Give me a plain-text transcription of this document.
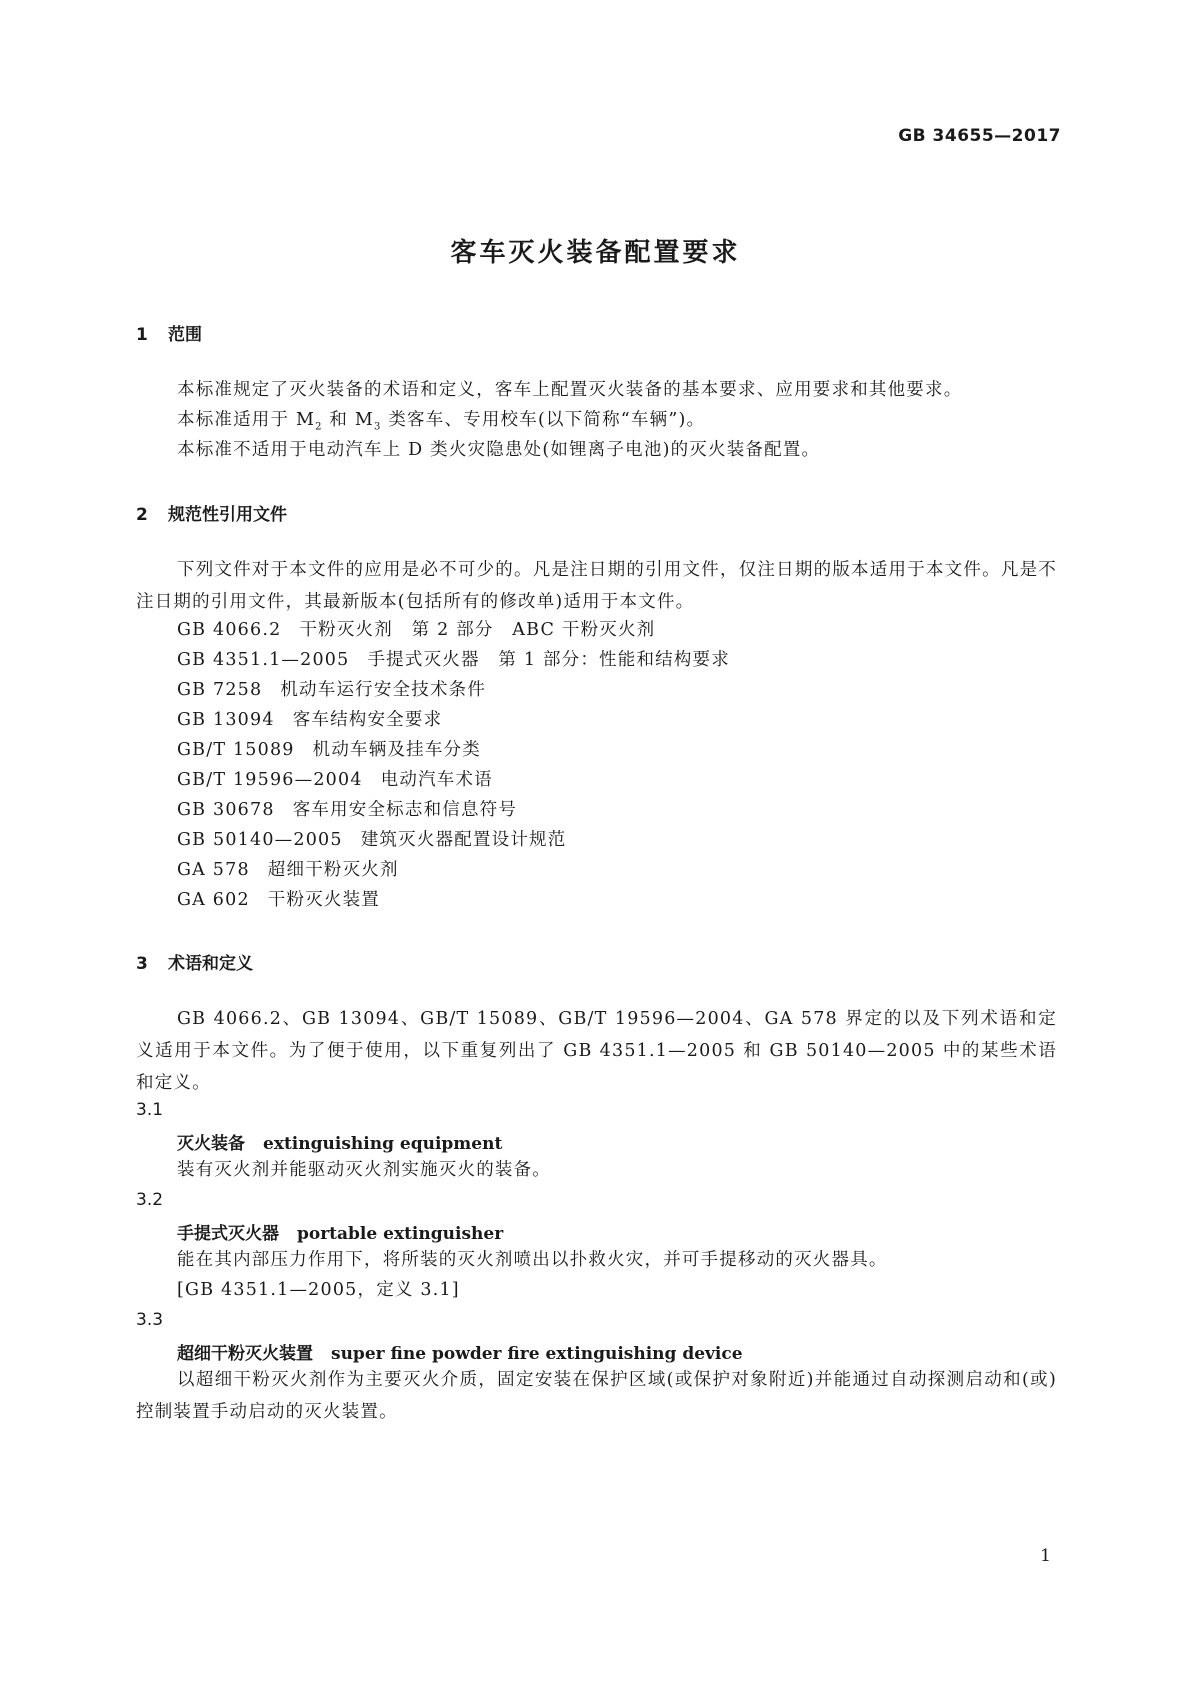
GB 34655—2017
客车灭火装备配置要求
1 范围
本标准规定了灭火装备的术语和定义，客车上配置灭火装备的基本要求、应用要求和其他要求。
本标准适用于 $M_2$ 和 $M_3$ 类客车、专用校车(以下简称“车辆”)。
本标准不适用于电动汽车上 D 类火灾隐患处(如锂离子电池)的灭火装备配置。
2 规范性引用文件
下列文件对于本文件的应用是必不可少的。凡是注日期的引用文件，仅注日期的版本适用于本文件。凡是不注日期的引用文件，其最新版本(包括所有的修改单)适用于本文件。
GB 4066.2 干粉灭火剂　第 2 部分　ABC 干粉灭火剂
GB 4351.1—2005 手提式灭火器　第 1 部分：性能和结构要求
GB 7258 机动车运行安全技术条件
GB 13094 客车结构安全要求
GB/T 15089 机动车辆及挂车分类
GB/T 19596—2004 电动汽车术语
GB 30678 客车用安全标志和信息符号
GB 50140—2005 建筑灭火器配置设计规范
GA 578 超细干粉灭火剂
GA 602 干粉灭火装置
3 术语和定义
GB 4066.2、GB 13094、GB/T 15089、GB/T 19596—2004、GA 578 界定的以及下列术语和定义适用于本文件。为了便于使用，以下重复列出了 GB 4351.1—2005 和 GB 50140—2005 中的某些术语和定义。
3.1
灭火装备 extinguishing equipment
装有灭火剂并能驱动灭火剂实施灭火的装备。
3.2
手提式灭火器 portable extinguisher
能在其内部压力作用下，将所装的灭火剂喷出以扑救火灾，并可手提移动的灭火器具。
[GB 4351.1—2005，定义 3.1]
3.3
超细干粉灭火装置 super fine powder fire extinguishing device
以超细干粉灭火剂作为主要灭火介质，固定安装在保护区域(或保护对象附近)并能通过自动探测启动和(或)控制装置手动启动的灭火装置。
1
